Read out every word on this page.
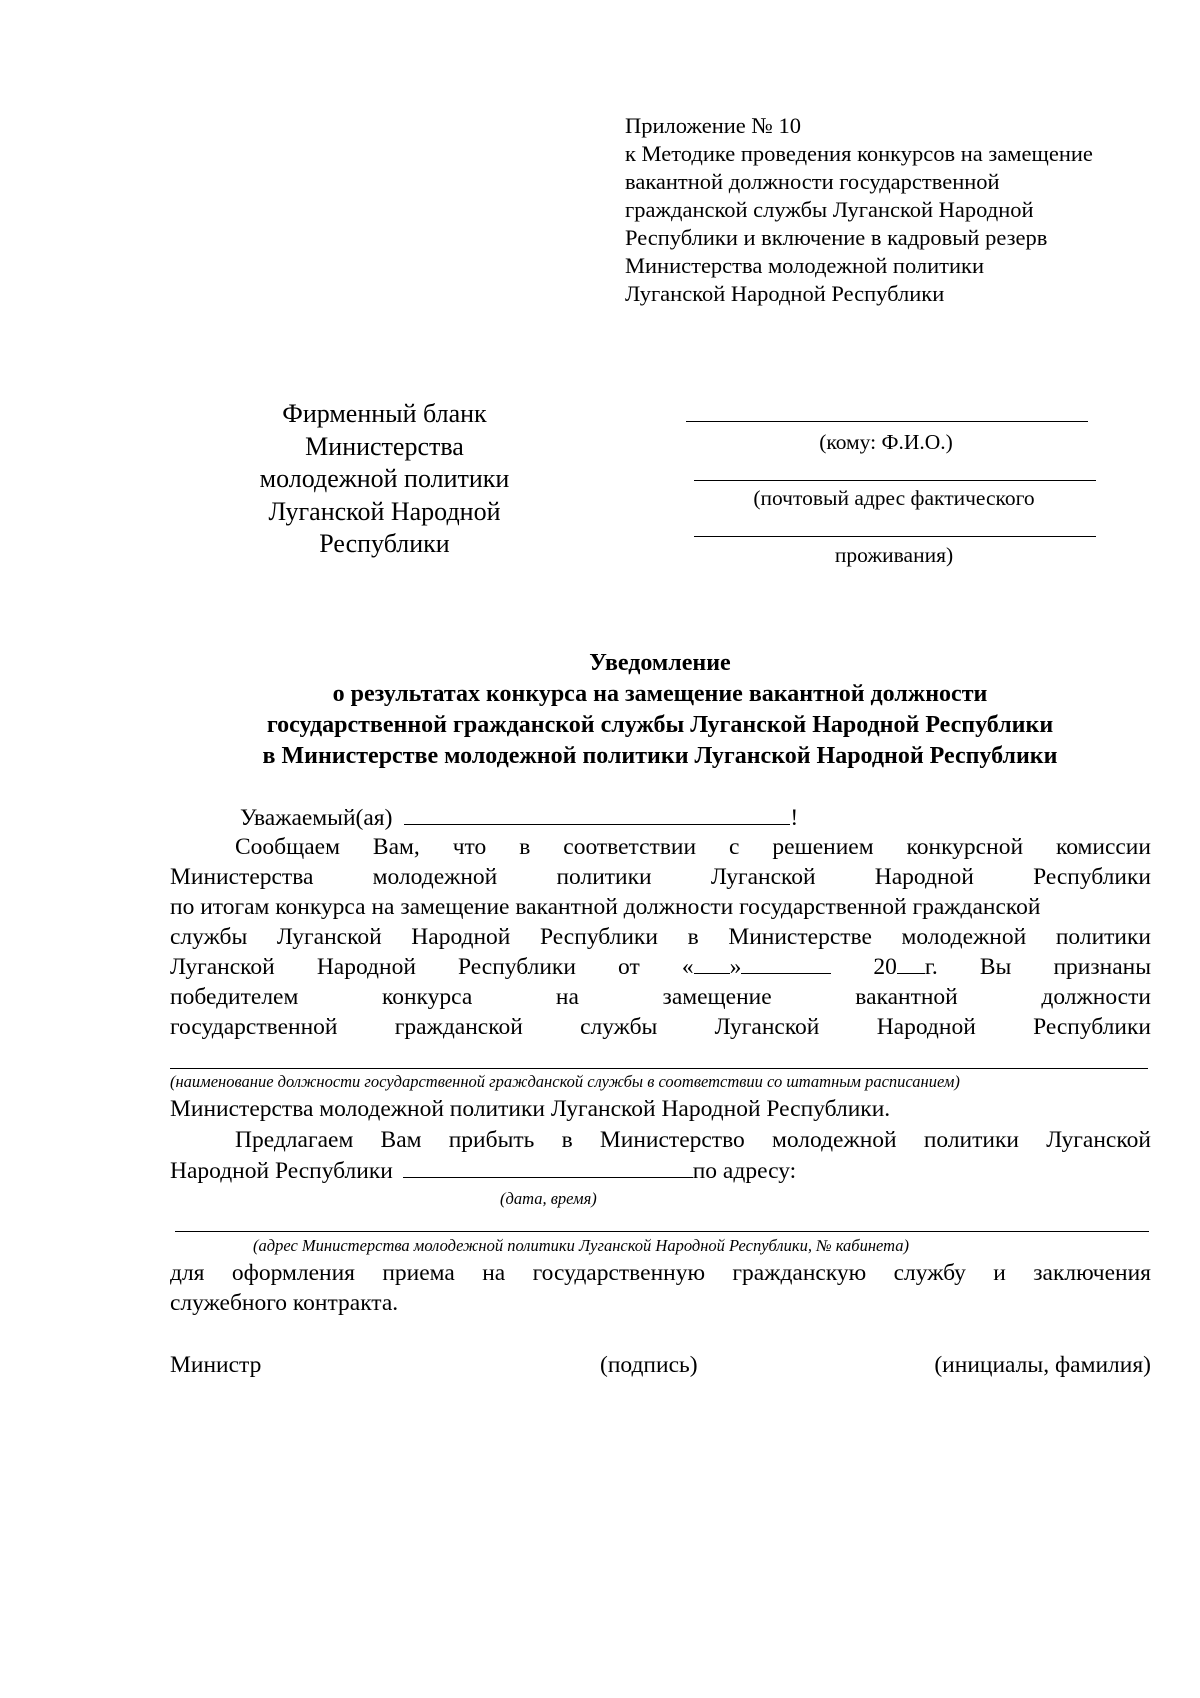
Приложение № 10
к Методике проведения конкурсов на замещение
вакантной должности государственной
гражданской службы Луганской Народной
Республики и включение в кадровый резерв
Министерства молодежной политики
Луганской Народной Республики
Фирменный бланк
Министерства
молодежной политики
Луганской Народной
Республики
(кому: Ф.И.О.)
(почтовый адрес фактического
проживания)
Уведомление
о результатах конкурса на замещение вакантной должности
государственной гражданской службы Луганской Народной Республики
в Министерстве молодежной политики Луганской Народной Республики
Уважаемый(ая)	!
Сообщаем Вам, что в соответствии с решением конкурсной комиссии
Министерства	молодежной	политики	Луганской	Народной	Республики
по итогам конкурса на замещение вакантной должности государственной гражданской
службы Луганской Народной Республики в Министерстве молодежной политики
Луганской Народной Республики от « »	20 г. Вы признаны
победителем	конкурса	на	замещение	вакантной	должности
государственной гражданской службы Луганской Народной Республики
(наименование должности государственной гражданской службы в соответствии со штатным расписанием)
Министерства молодежной политики Луганской Народной Республики.
Предлагаем Вам прибыть в Министерство молодежной политики Луганской
Народной Республики	по адресу:
(дата, время)
(адрес Министерства молодежной политики Луганской Народной Республики, № кабинета)
для оформления приема на государственную гражданскую службу и заключения
служебного контракта.
Министр	(подпись)	(инициалы, фамилия)
